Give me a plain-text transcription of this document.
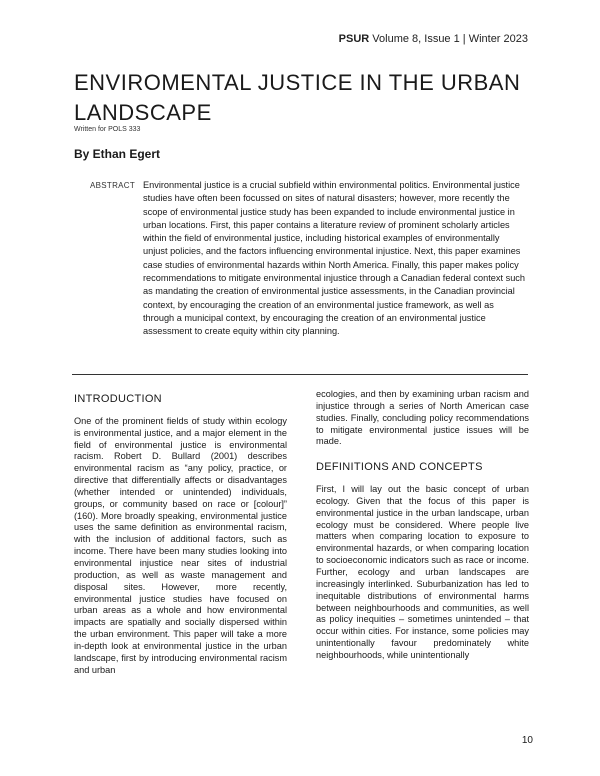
PSUR Volume 8, Issue 1 | Winter 2023
ENVIROMENTAL JUSTICE IN THE URBAN LANDSCAPE
Written for POLS 333
By Ethan Egert
ABSTRACT Environmental justice is a crucial subfield within environmental politics. Environmental justice studies have often been focussed on sites of natural disasters; however, more recently the scope of environmental justice study has been expanded to include environmental justice in urban locations. First, this paper contains a literature review of prominent scholarly articles within the field of environmental justice, including historical examples of environmentally unjust policies, and the factors influencing environmental injustice. Next, this paper examines case studies of environmental hazards within North America. Finally, this paper makes policy recommendations to mitigate environmental injustice through a Canadian federal context such as mandating the creation of environmental justice assessments, in the Canadian provincial context, by encouraging the creation of an environmental justice framework, as well as through a municipal context, by encouraging the creation of an environmental justice assessment to create equity within city planning.

INTRODUCTION

One of the prominent fields of study within ecology is environmental justice, and a major element in the field of environmental justice is environmental racism. Robert D. Bullard (2001) describes environmental racism as “any policy, practice, or directive that differentially affects or disadvantages (whether intended or unintended) individuals, groups, or community based on race or [colour]” (160). More broadly speaking, environmental justice uses the same definition as environmental racism, with the inclusion of additional factors, such as income. There have been many studies looking into environmental injustice near sites of industrial production, as well as waste management and disposal sites. However, more recently, environmental justice studies have focused on urban areas as a whole and how environmental impacts are spatially and socially dispersed within the urban environment. This paper will take a more in-depth look at environmental justice in the urban landscape, first by introducing environmental racism and urban

ecologies, and then by examining urban racism and injustice through a series of North American case studies. Finally, concluding policy recommendations to mitigate environmental justice issues will be made.

DEFINITIONS AND CONCEPTS

First, I will lay out the basic concept of urban ecology. Given that the focus of this paper is environmental justice in the urban landscape, urban ecology must be considered. Where people live matters when comparing location to exposure to environmental hazards, or when comparing location to socioeconomic indicators such as race or income. Further, ecology and urban landscapes are increasingly interlinked. Suburbanization has led to inequitable distributions of environmental harms between neighbourhoods and communities, as well as policy inequities – sometimes unintended – that occur within cities. For instance, some policies may unintentionally favour predominately white neighbourhoods, while unintentionally

10
